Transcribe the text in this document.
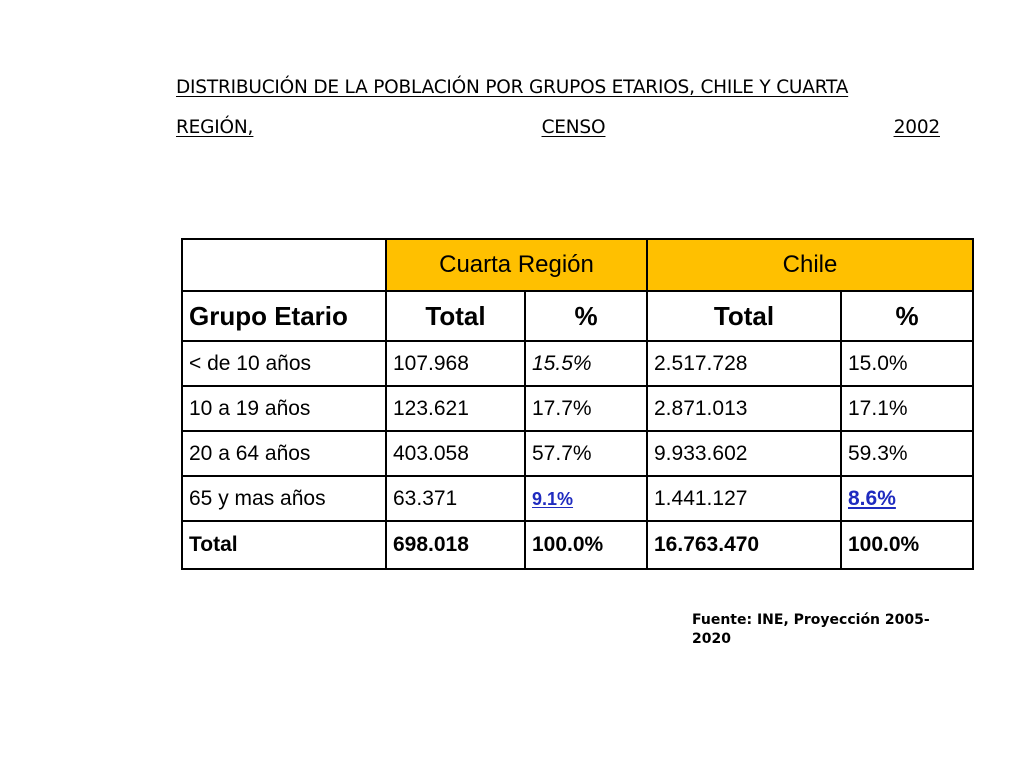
DISTRIBUCIÓN DE LA POBLACIÓN POR GRUPOS ETARIOS, CHILE Y CUARTA
REGIÓN,	CENSO	2002
	Cuarta Región		Chile	
Grupo Etario	Total	%	Total	%
< de 10 años	107.968	15.5%	2.517.728	15.0%
10 a 19 años	123.621	17.7%	2.871.013	17.1%
20 a 64 años	403.058	57.7%	9.933.602	59.3%
65 y mas años	63.371	9.1%	1.441.127	8.6%
Total	698.018	100.0%	16.763.470	100.0%
Fuente: INE, Proyección 2005-2020
